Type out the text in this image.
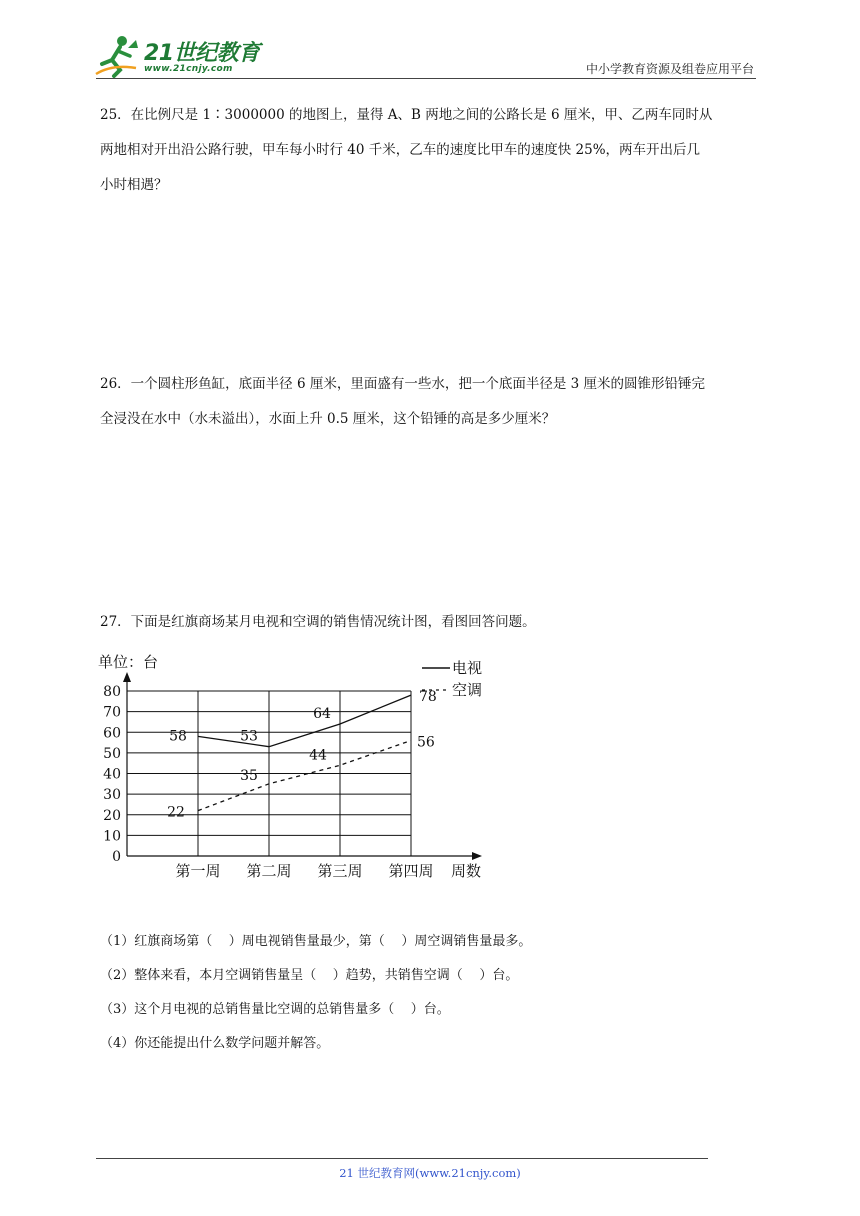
21世纪教育
www.21cnjy.com	中小学教育资源及组卷应用平台

25．在比例尺是 1∶3000000 的地图上，量得 A、B 两地之间的公路长是 6 厘米，甲、乙两车同时从
两地相对开出沿公路行驶，甲车每小时行 40 千米，乙车的速度比甲车的速度快 25%，两车开出后几
小时相遇？

26．一个圆柱形鱼缸，底面半径 6 厘米，里面盛有一些水，把一个底面半径是 3 厘米的圆锥形铅锤完
全浸没在水中（水未溢出），水面上升 0.5 厘米，这个铅锤的高是多少厘米？

27．下面是红旗商场某月电视和空调的销售情况统计图，看图回答问题。

0
10
20
30
40
50
60
70
80
单位：台
第一周 第二周 第三周 第四周 周数
58	53
64
78
22
35
44
56
电视
空调

（1）红旗商场第（    ）周电视销售量最少，第（    ）周空调销售量最多。

（2）整体来看，本月空调销售量呈（    ）趋势，共销售空调（    ）台。

（3）这个月电视的总销售量比空调的总销售量多（    ）台。

（4）你还能提出什么数学问题并解答。

21 世纪教育网(www.21cnjy.com)
